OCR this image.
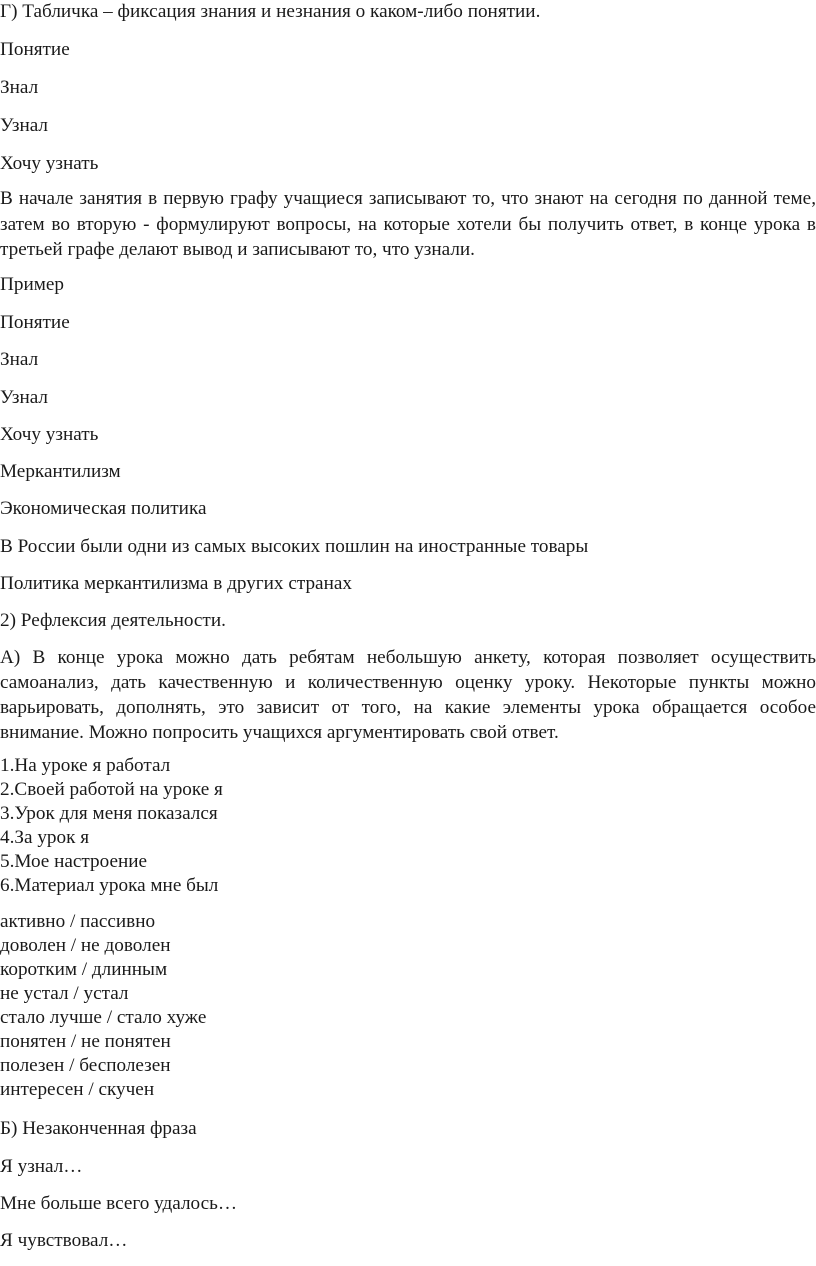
Г) Табличка – фиксация знания и незнания о каком-либо понятии.

Понятие

Знал

Узнал

Хочу узнать

В начале занятия в первую графу учащиеся записывают то, что знают на сегодня по данной теме, затем во вторую - формулируют вопросы, на которые хотели бы получить ответ, в конце урока в третьей графе делают вывод и записывают то, что узнали.

Пример

Понятие

Знал

Узнал

Хочу узнать

Меркантилизм

Экономическая политика

В России были одни из самых высоких пошлин на иностранные товары

Политика меркантилизма в других странах

2) Рефлексия деятельности.

А) В конце урока можно дать ребятам небольшую анкету, которая позволяет осуществить самоанализ, дать качественную и количественную оценку уроку. Некоторые пункты можно варьировать, дополнять, это зависит от того, на какие элементы урока обращается особое внимание. Можно попросить учащихся аргументировать свой ответ.

1.На уроке я работал
2.Своей работой на уроке я
3.Урок для меня показался
4.За урок я
5.Мое настроение
6.Материал урока мне был
активно / пассивно
доволен / не доволен
коротким / длинным
не устал / устал
стало лучше / стало хуже
понятен / не понятен
полезен / бесполезен
интересен / скучен

Б) Незаконченная фраза

Я узнал…

Мне больше всего удалось…

Я чувствовал…
